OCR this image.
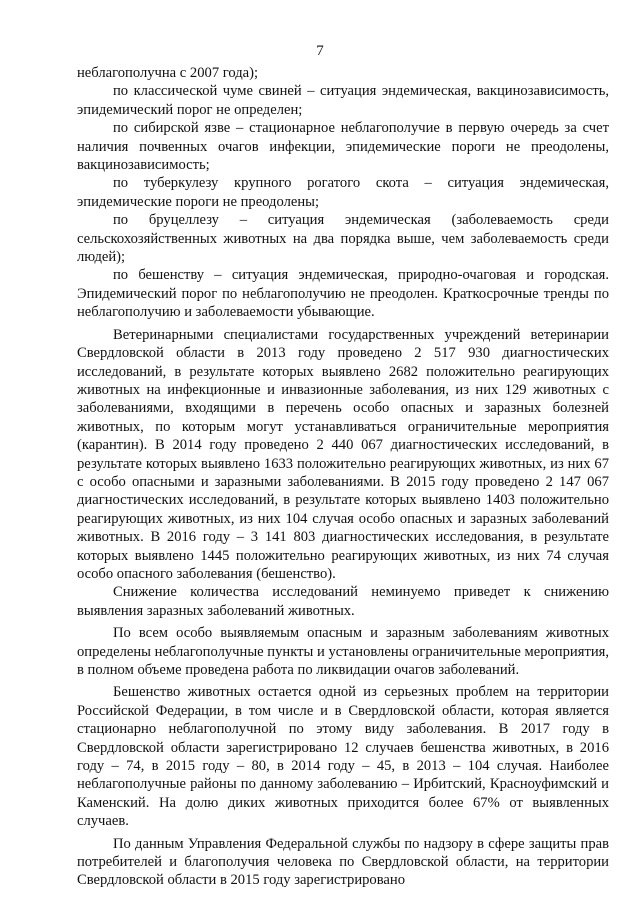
7

неблагополучна с 2007 года);

по классической чуме свиней – ситуация эндемическая, вакцинозависимость, эпидемический порог не определен;

по сибирской язве – стационарное неблагополучие в первую очередь за счет наличия почвенных очагов инфекции, эпидемические пороги не преодолены, вакцинозависимость;

по туберкулезу крупного рогатого скота – ситуация эндемическая, эпидемические пороги не преодолены;

по бруцеллезу – ситуация эндемическая (заболеваемость среди сельскохозяйственных животных на два порядка выше, чем заболеваемость среди людей);

по бешенству – ситуация эндемическая, природно-очаговая и городская. Эпидемический порог по неблагополучию не преодолен. Краткосрочные тренды по неблагополучию и заболеваемости убывающие.

Ветеринарными специалистами государственных учреждений ветеринарии Свердловской области в 2013 году проведено 2 517 930 диагностических исследований, в результате которых выявлено 2682 положительно реагирующих животных на инфекционные и инвазионные заболевания, из них 129 животных с заболеваниями, входящими в перечень особо опасных и заразных болезней животных, по которым могут устанавливаться ограничительные мероприятия (карантин). В 2014 году проведено 2 440 067 диагностических исследований, в результате которых выявлено 1633 положительно реагирующих животных, из них 67 с особо опасными и заразными заболеваниями. В 2015 году проведено 2 147 067 диагностических исследований, в результате которых выявлено 1403 положительно реагирующих животных, из них 104 случая особо опасных и заразных заболеваний животных. В 2016 году – 3 141 803 диагностических исследования, в результате которых выявлено 1445 положительно реагирующих животных, из них 74 случая особо опасного заболевания (бешенство).

Снижение количества исследований неминуемо приведет к снижению выявления заразных заболеваний животных.

По всем особо выявляемым опасным и заразным заболеваниям животных определены неблагополучные пункты и установлены ограничительные мероприятия, в полном объеме проведена работа по ликвидации очагов заболеваний.

Бешенство животных остается одной из серьезных проблем на территории Российской Федерации, в том числе и в Свердловской области, которая является стационарно неблагополучной по этому виду заболевания. В 2017 году в Свердловской области зарегистрировано 12 случаев бешенства животных, в 2016 году – 74, в 2015 году – 80, в 2014 году – 45, в 2013 – 104 случая. Наиболее неблагополучные районы по данному заболеванию – Ирбитский, Красноуфимский и Каменский. На долю диких животных приходится более 67% от выявленных случаев.

По данным Управления Федеральной службы по надзору в сфере защиты прав потребителей и благополучия человека по Свердловской области, на территории Свердловской области в 2015 году зарегистрировано
